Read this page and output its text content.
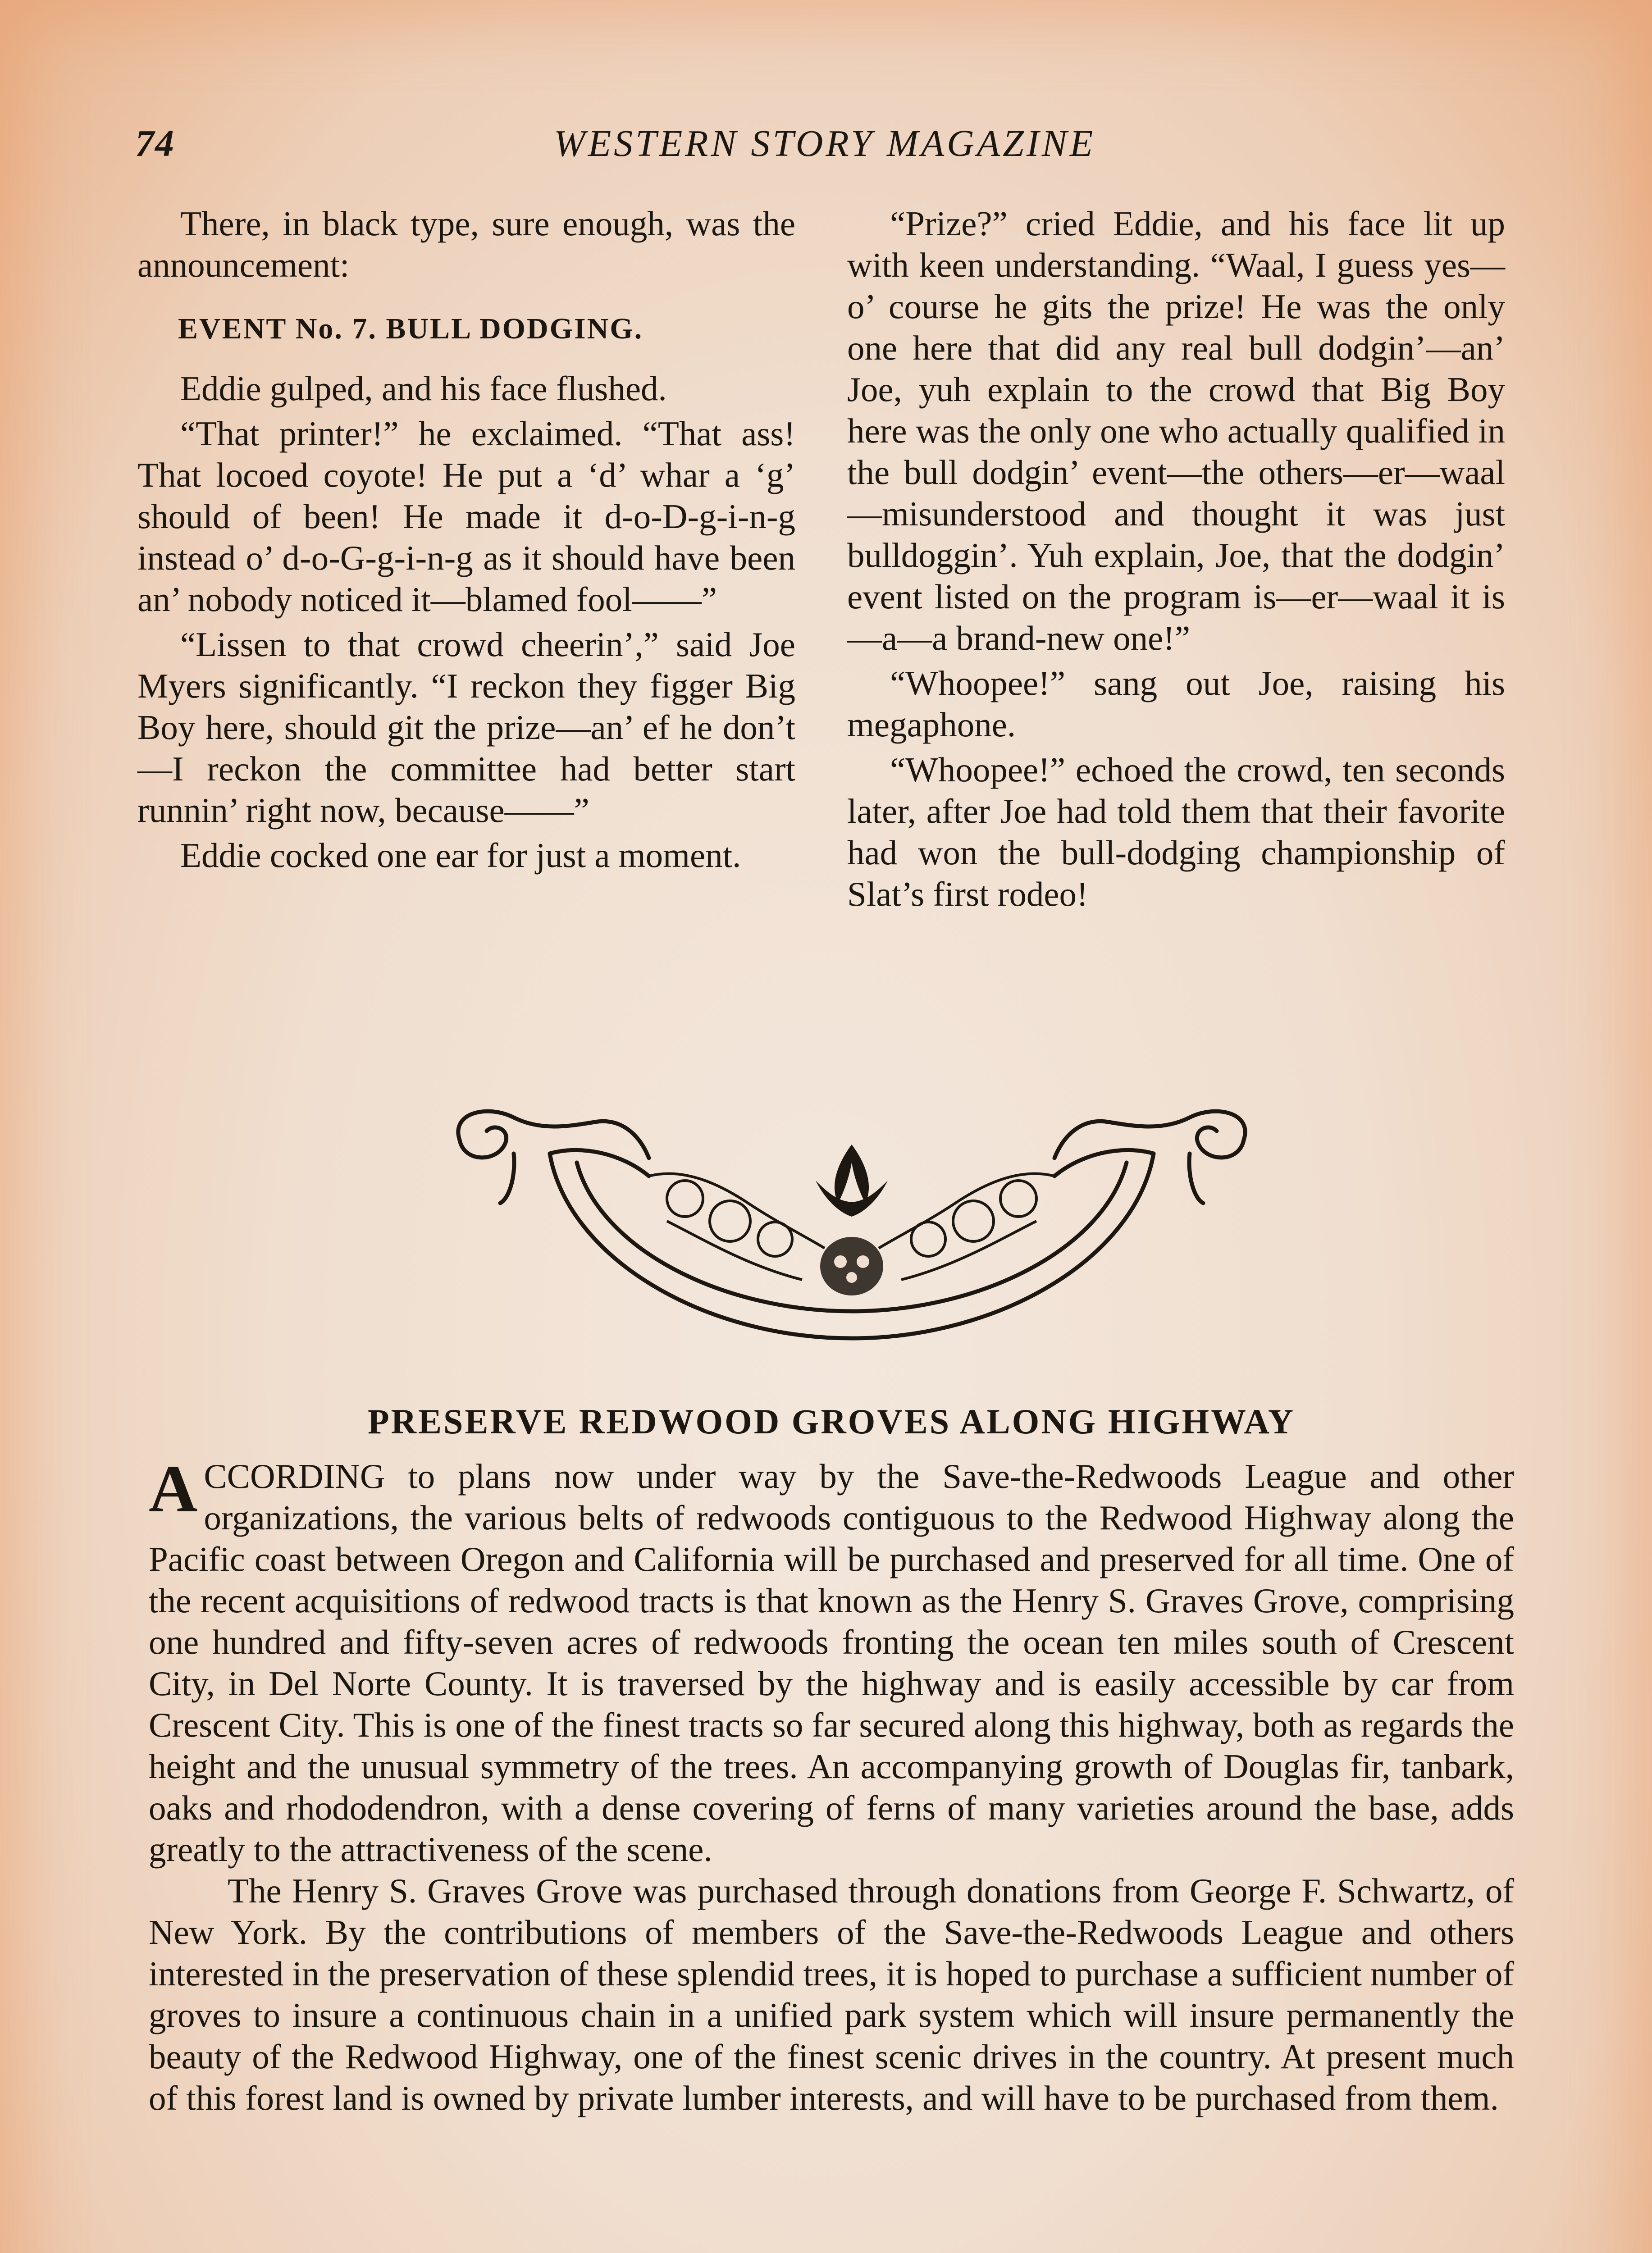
74	WESTERN STORY MAGAZINE

There, in black type, sure enough, was the announcement:

EVENT No. 7. BULL DODGING.

Eddie gulped, and his face flushed.

“That printer!” he exclaimed. “That ass! That locoed coyote! He put a ‘d’ whar a ‘g’ should of been! He made it d-o-D-g-i-n-g instead o’ d-o-G-g-i-n-g as it should have been an’ nobody noticed it—blamed fool——”

“Lissen to that crowd cheerin’,” said Joe Myers significantly. “I reckon they figger Big Boy here, should git the prize—an’ ef he don’t—I reckon the committee had better start runnin’ right now, because——”

Eddie cocked one ear for just a moment.

“Prize?” cried Eddie, and his face lit up with keen understanding. “Waal, I guess yes—o’ course he gits the prize! He was the only one here that did any real bull dodgin’—an’ Joe, yuh explain to the crowd that Big Boy here was the only one who actually qualified in the bull dodgin’ event—the others—er—waal—misunderstood and thought it was just bulldoggin’. Yuh explain, Joe, that the dodgin’ event listed on the program is—er—waal it is—a—a brand-new one!”

“Whoopee!” sang out Joe, raising his megaphone.

“Whoopee!” echoed the crowd, ten seconds later, after Joe had told them that their favorite had won the bull-dodging championship of Slat’s first rodeo!

PRESERVE REDWOOD GROVES ALONG HIGHWAY

ACCORDING to plans now under way by the Save-the-Redwoods League and other organizations, the various belts of redwoods contiguous to the Redwood Highway along the Pacific coast between Oregon and California will be purchased and preserved for all time. One of the recent acquisitions of redwood tracts is that known as the Henry S. Graves Grove, comprising one hundred and fifty-seven acres of redwoods fronting the ocean ten miles south of Crescent City, in Del Norte County. It is traversed by the highway and is easily accessible by car from Crescent City. This is one of the finest tracts so far secured along this highway, both as regards the height and the unusual symmetry of the trees. An accompanying growth of Douglas fir, tanbark, oaks and rhododendron, with a dense covering of ferns of many varieties around the base, adds greatly to the attractiveness of the scene.

The Henry S. Graves Grove was purchased through donations from George F. Schwartz, of New York. By the contributions of members of the Save-the-Redwoods League and others interested in the preservation of these splendid trees, it is hoped to purchase a sufficient number of groves to insure a continuous chain in a unified park system which will insure permanently the beauty of the Redwood Highway, one of the finest scenic drives in the country. At present much of this forest land is owned by private lumber interests, and will have to be purchased from them.
